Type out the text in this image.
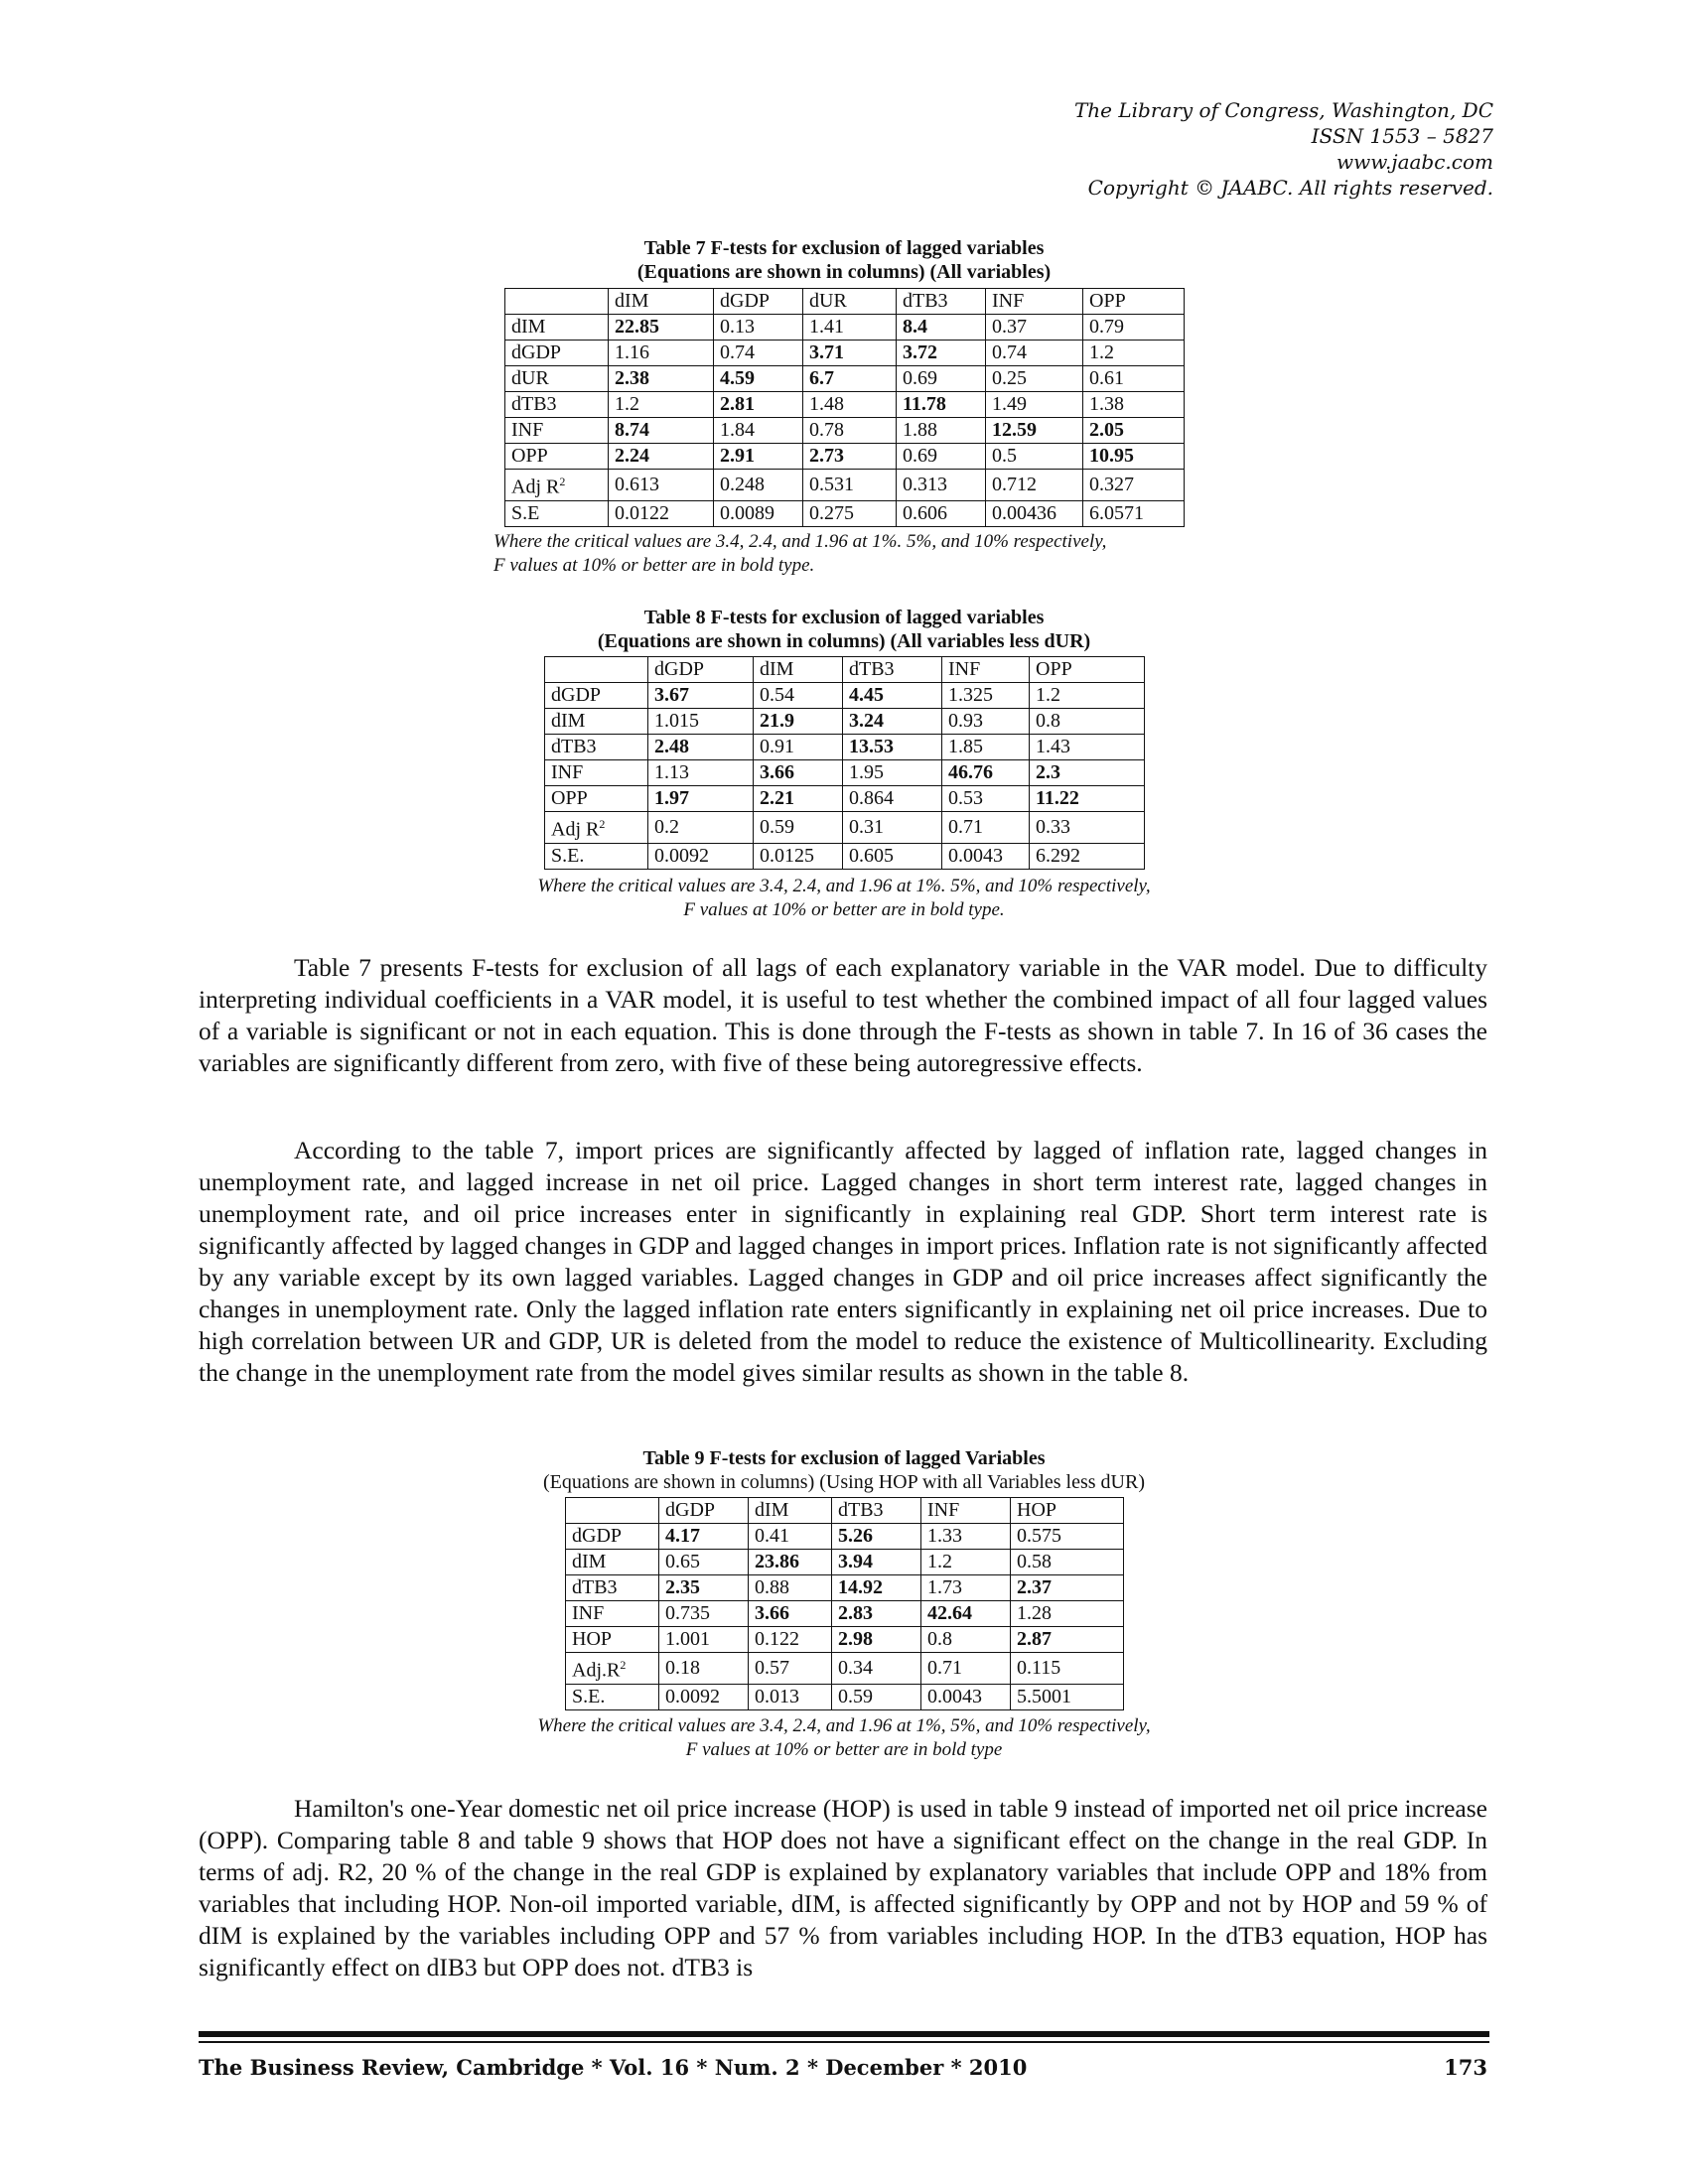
The Library of Congress, Washington, DC
ISSN 1553 – 5827
www.jaabc.com
Copyright © JAABC. All rights reserved.
Table 7 F-tests for exclusion of lagged variables
(Equations are shown in columns) (All variables)
	dIM	dGDP	dUR	dTB3	INF	OPP
dIM	22.85	0.13	1.41	8.4	0.37	0.79
dGDP	1.16	0.74	3.71	3.72	0.74	1.2
dUR	2.38	4.59	6.7	0.69	0.25	0.61
dTB3	1.2	2.81	1.48	11.78	1.49	1.38
INF	8.74	1.84	0.78	1.88	12.59	2.05
OPP	2.24	2.91	2.73	0.69	0.5	10.95
Adj $R^2$	0.613	0.248	0.531	0.313	0.712	0.327
S.E	0.0122	0.0089	0.275	0.606	0.00436	6.0571
Where the critical values are 3.4, 2.4, and 1.96 at 1%. 5%, and 10% respectively,
F values at 10% or better are in bold type.
Table 8 F-tests for exclusion of lagged variables
(Equations are shown in columns) (All variables less dUR)
	dGDP	dIM	dTB3	INF	OPP
dGDP	3.67	0.54	4.45	1.325	1.2
dIM	1.015	21.9	3.24	0.93	0.8
dTB3	2.48	0.91	13.53	1.85	1.43
INF	1.13	3.66	1.95	46.76	2.3
OPP	1.97	2.21	0.864	0.53	11.22
Adj $R^2$	0.2	0.59	0.31	0.71	0.33
S.E.	0.0092	0.0125	0.605	0.0043	6.292
Where the critical values are 3.4, 2.4, and 1.96 at 1%. 5%, and 10% respectively,
F values at 10% or better are in bold type.
Table 7 presents F-tests for exclusion of all lags of each explanatory variable in the VAR model. Due to difficulty interpreting individual coefficients in a VAR model, it is useful to test whether the combined impact of all four lagged values of a variable is significant or not in each equation. This is done through the F-tests as shown in table 7. In 16 of 36 cases the variables are significantly different from zero, with five of these being autoregressive effects.
According to the table 7, import prices are significantly affected by lagged of inflation rate, lagged changes in unemployment rate, and lagged increase in net oil price. Lagged changes in short term interest rate, lagged changes in unemployment rate, and oil price increases enter in significantly in explaining real GDP. Short term interest rate is significantly affected by lagged changes in GDP and lagged changes in import prices. Inflation rate is not significantly affected by any variable except by its own lagged variables. Lagged changes in GDP and oil price increases affect significantly the changes in unemployment rate. Only the lagged inflation rate enters significantly in explaining net oil price increases. Due to high correlation between UR and GDP, UR is deleted from the model to reduce the existence of Multicollinearity. Excluding the change in the unemployment rate from the model gives similar results as shown in the table 8.
Table 9 F-tests for exclusion of lagged Variables
(Equations are shown in columns) (Using HOP with all Variables less dUR)
	dGDP	dIM	dTB3	INF	HOP
dGDP	4.17	0.41	5.26	1.33	0.575
dIM	0.65	23.86	3.94	1.2	0.58
dTB3	2.35	0.88	14.92	1.73	2.37
INF	0.735	3.66	2.83	42.64	1.28
HOP	1.001	0.122	2.98	0.8	2.87
$Adj.R^2$	0.18	0.57	0.34	0.71	0.115
S.E.	0.0092	0.013	0.59	0.0043	5.5001
Where the critical values are 3.4, 2.4, and 1.96 at 1%, 5%, and 10% respectively,
F values at 10% or better are in bold type
Hamilton's one-Year domestic net oil price increase (HOP) is used in table 9 instead of imported net oil price increase (OPP). Comparing table 8 and table 9 shows that HOP does not have a significant effect on the change in the real GDP. In terms of adj. R2, 20 % of the change in the real GDP is explained by explanatory variables that include OPP and 18% from variables that including HOP. Non-oil imported variable, dIM, is affected significantly by OPP and not by HOP and 59 % of dIM is explained by the variables including OPP and 57 % from variables including HOP. In the dTB3 equation, HOP has significantly effect on dIB3 but OPP does not. dTB3 is
The Business Review, Cambridge * Vol. 16 * Num. 2 * December * 2010	173
